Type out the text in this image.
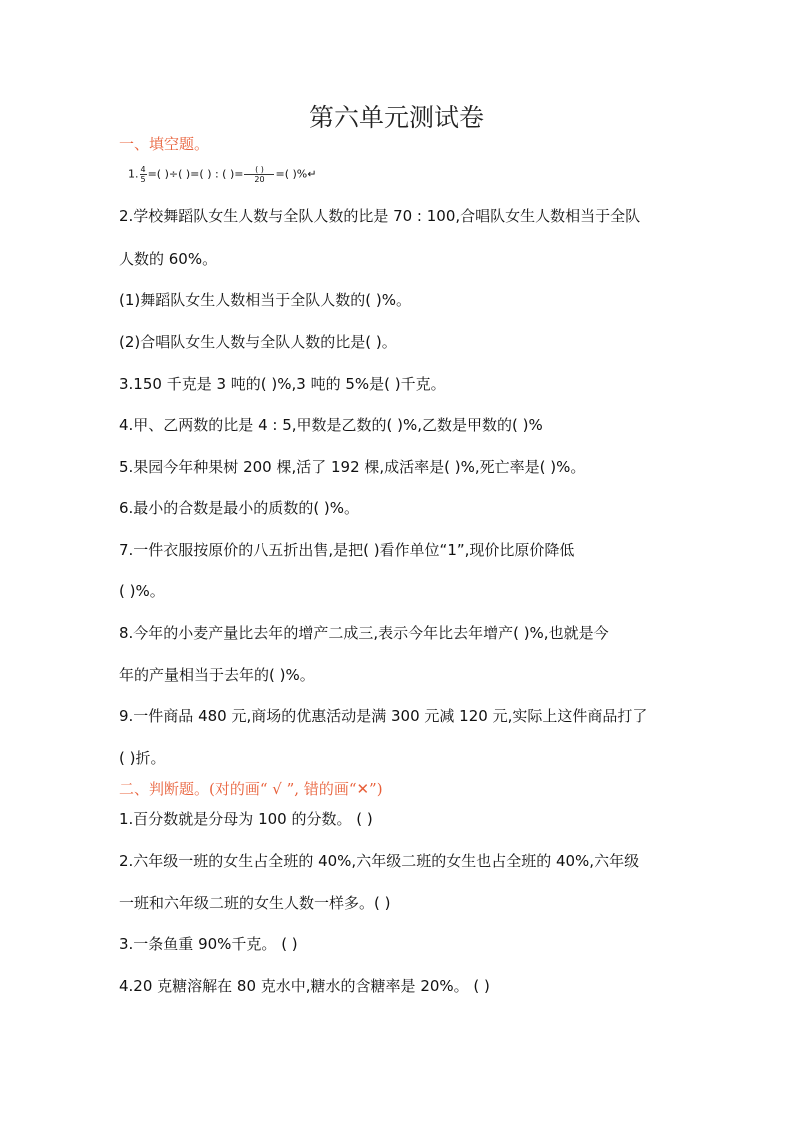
第六单元测试卷
一、填空题。
1. $\frac{4}{5}$ =( )÷( )=( ) : ( )= $\frac{( )}{20}$ =( )%↵
2.学校舞蹈队女生人数与全队人数的比是 70 : 100,合唱队女生人数相当于全队
人数的 60%。
(1)舞蹈队女生人数相当于全队人数的( )%。
(2)合唱队女生人数与全队人数的比是( )。
3.150 千克是 3 吨的( )%,3 吨的 5%是( )千克。
4.甲、乙两数的比是 4 : 5,甲数是乙数的( )%,乙数是甲数的( )%
5.果园今年种果树 200 棵,活了 192 棵,成活率是( )%,死亡率是( )%。
6.最小的合数是最小的质数的( )%。
7.一件衣服按原价的八五折出售,是把( )看作单位“1”,现价比原价降低
( )%。
8.今年的小麦产量比去年的增产二成三,表示今年比去年增产( )%,也就是今
年的产量相当于去年的( )%。
9.一件商品 480 元,商场的优惠活动是满 300 元减 120 元,实际上这件商品打了
( )折。
二、判断题。(对的画“ √ ”, 错的画“✕”)
1.百分数就是分母为 100 的分数。 ( )
2.六年级一班的女生占全班的 40%,六年级二班的女生也占全班的 40%,六年级
一班和六年级二班的女生人数一样多。( )
3.一条鱼重 90%千克。 ( )
4.20 克糖溶解在 80 克水中,糖水的含糖率是 20%。 ( )
